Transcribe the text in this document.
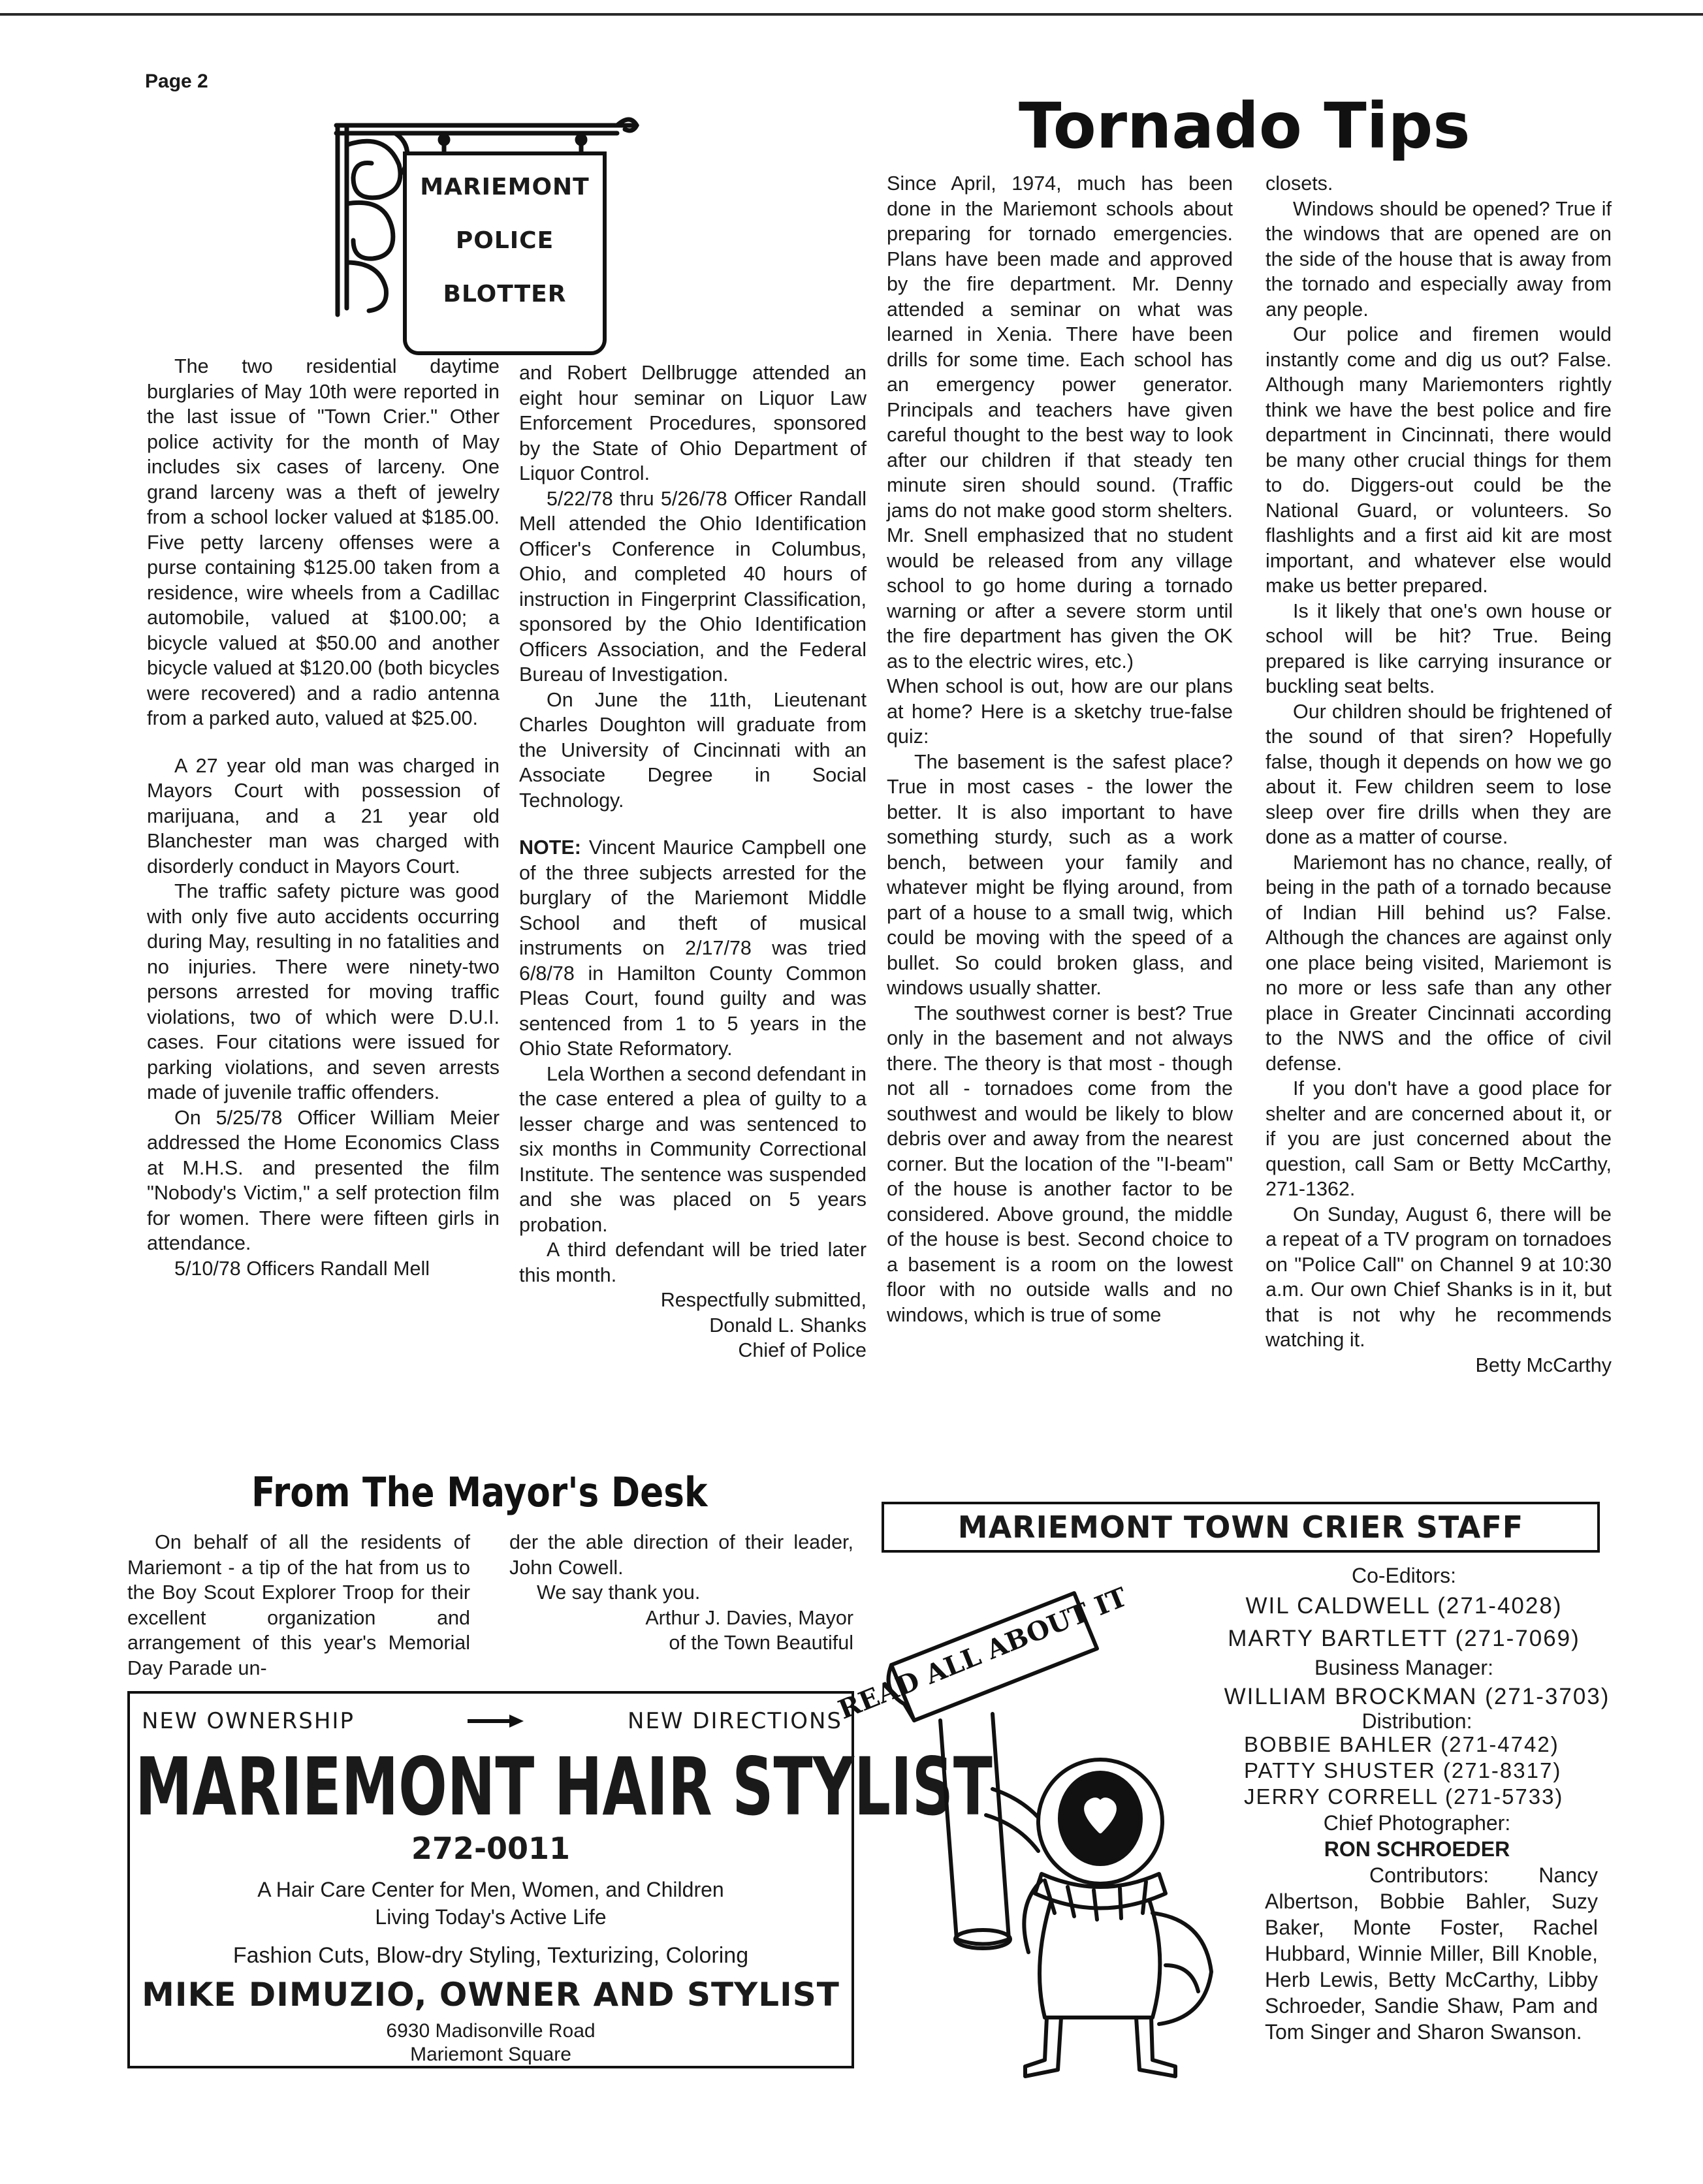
Page 2
MARIEMONT
POLICE
BLOTTER

The two residential daytime burglaries of May 10th were reported in the last issue of "Town Crier." Other police activity for the month of May includes six cases of larceny. One grand larceny was a theft of jewelry from a school locker valued at $185.00. Five petty larceny offenses were a purse containing $125.00 taken from a residence, wire wheels from a Cadillac automobile, valued at $100.00; a bicycle valued at $50.00 and another bicycle valued at $120.00 (both bicycles were recovered) and a radio antenna from a parked auto, valued at $25.00.

A 27 year old man was charged in Mayors Court with possession of marijuana, and a 21 year old Blanchester man was charged with disorderly conduct in Mayors Court.

The traffic safety picture was good with only five auto accidents occurring during May, resulting in no fatalities and no injuries. There were ninety-two persons arrested for moving traffic violations, two of which were D.U.I. cases. Four citations were issued for parking violations, and seven arrests made of juvenile traffic offenders.

On 5/25/78 Officer William Meier addressed the Home Economics Class at M.H.S. and presented the film "Nobody's Victim," a self protection film for women. There were fifteen girls in attendance.

5/10/78 Officers Randall Mell

and Robert Dellbrugge attended an eight hour seminar on Liquor Law Enforcement Procedures, sponsored by the State of Ohio Department of Liquor Control.

5/22/78 thru 5/26/78 Officer Randall Mell attended the Ohio Identification Officer's Conference in Columbus, Ohio, and completed 40 hours of instruction in Fingerprint Classification, sponsored by the Ohio Identification Officers Association, and the Federal Bureau of Investigation.

On June the 11th, Lieutenant Charles Doughton will graduate from the University of Cincinnati with an Associate Degree in Social Technology.

NOTE: Vincent Maurice Campbell one of the three subjects arrested for the burglary of the Mariemont Middle School and theft of musical instruments on 2/17/78 was tried 6/8/78 in Hamilton County Common Pleas Court, found guilty and was sentenced from 1 to 5 years in the Ohio State Reformatory.

Lela Worthen a second defendant in the case entered a plea of guilty to a lesser charge and was sentenced to six months in Community Correctional Institute. The sentence was suspended and she was placed on 5 years probation.

A third defendant will be tried later this month.

Respectfully submitted,

Donald L. Shanks

Chief of Police

Tornado Tips

Since April, 1974, much has been done in the Mariemont schools about preparing for tornado emergencies. Plans have been made and approved by the fire department. Mr. Denny attended a seminar on what was learned in Xenia. There have been drills for some time. Each school has an emergency power generator. Principals and teachers have given careful thought to the best way to look after our children if that steady ten minute siren should sound. (Traffic jams do not make good storm shelters. Mr. Snell emphasized that no student would be released from any village school to go home during a tornado warning or after a severe storm until the fire department has given the OK as to the electric wires, etc.)

When school is out, how are our plans at home? Here is a sketchy true-false quiz:

The basement is the safest place? True in most cases - the lower the better. It is also important to have something sturdy, such as a work bench, between your family and whatever might be flying around, from part of a house to a small twig, which could be moving with the speed of a bullet. So could broken glass, and windows usually shatter.

The southwest corner is best? True only in the basement and not always there. The theory is that most - though not all - tornadoes come from the southwest and would be likely to blow debris over and away from the nearest corner. But the location of the "I-beam" of the house is another factor to be considered. Above ground, the middle of the house is best. Second choice to a basement is a room on the lowest floor with no outside walls and no windows, which is true of some

closets.

Windows should be opened? True if the windows that are opened are on the side of the house that is away from the tornado and especially away from any people.

Our police and firemen would instantly come and dig us out? False. Although many Mariemonters rightly think we have the best police and fire department in Cincinnati, there would be many other crucial things for them to do. Diggers-out could be the National Guard, or volunteers. So flashlights and a first aid kit are most important, and whatever else would make us better prepared.

Is it likely that one's own house or school will be hit? True. Being prepared is like carrying insurance or buckling seat belts.

Our children should be frightened of the sound of that siren? Hopefully false, though it depends on how we go about it. Few children seem to lose sleep over fire drills when they are done as a matter of course.

Mariemont has no chance, really, of being in the path of a tornado because of Indian Hill behind us? False. Although the chances are against only one place being visited, Mariemont is no more or less safe than any other place in Greater Cincinnati according to the NWS and the office of civil defense.

If you don't have a good place for shelter and are concerned about it, or if you are just concerned about the question, call Sam or Betty McCarthy, 271-1362.

On Sunday, August 6, there will be a repeat of a TV program on tornadoes on "Police Call" on Channel 9 at 10:30 a.m. Our own Chief Shanks is in it, but that is not why he recommends watching it.

Betty McCarthy

From The Mayor's Desk

On behalf of all the residents of Mariemont - a tip of the hat from us to the Boy Scout Explorer Troop for their excellent organization and arrangement of this year's Memorial Day Parade un-

der the able direction of their leader, John Cowell.

We say thank you.

Arthur J. Davies, Mayor

of the Town Beautiful

NEW OWNERSHIP	NEW DIRECTIONS
MARIEMONT HAIR STYLIST
272-0011
A Hair Care Center for Men, Women, and Children
Living Today's Active Life
Fashion Cuts, Blow-dry Styling, Texturizing, Coloring
MIKE DIMUZIO, OWNER AND STYLIST
6930 Madisonville Road
Mariemont Square
MARIEMONT TOWN CRIER STAFF
READ ALL ABOUT IT
Co-Editors:
WIL CALDWELL (271-4028)
MARTY BARTLETT (271-7069)
Business Manager:
WILLIAM BROCKMAN (271-3703)
Distribution:
BOBBIE BAHLER (271-4742)
PATTY SHUSTER (271-8317)
JERRY CORRELL (271-5733)
Chief Photographer:
RON SCHROEDER

Contributors: Nancy Albertson, Bobbie Bahler, Suzy Baker, Monte Foster, Rachel Hubbard, Winnie Miller, Bill Knoble, Herb Lewis, Betty McCarthy, Libby Schroeder, Sandie Shaw, Pam and Tom Singer and Sharon Swanson.
